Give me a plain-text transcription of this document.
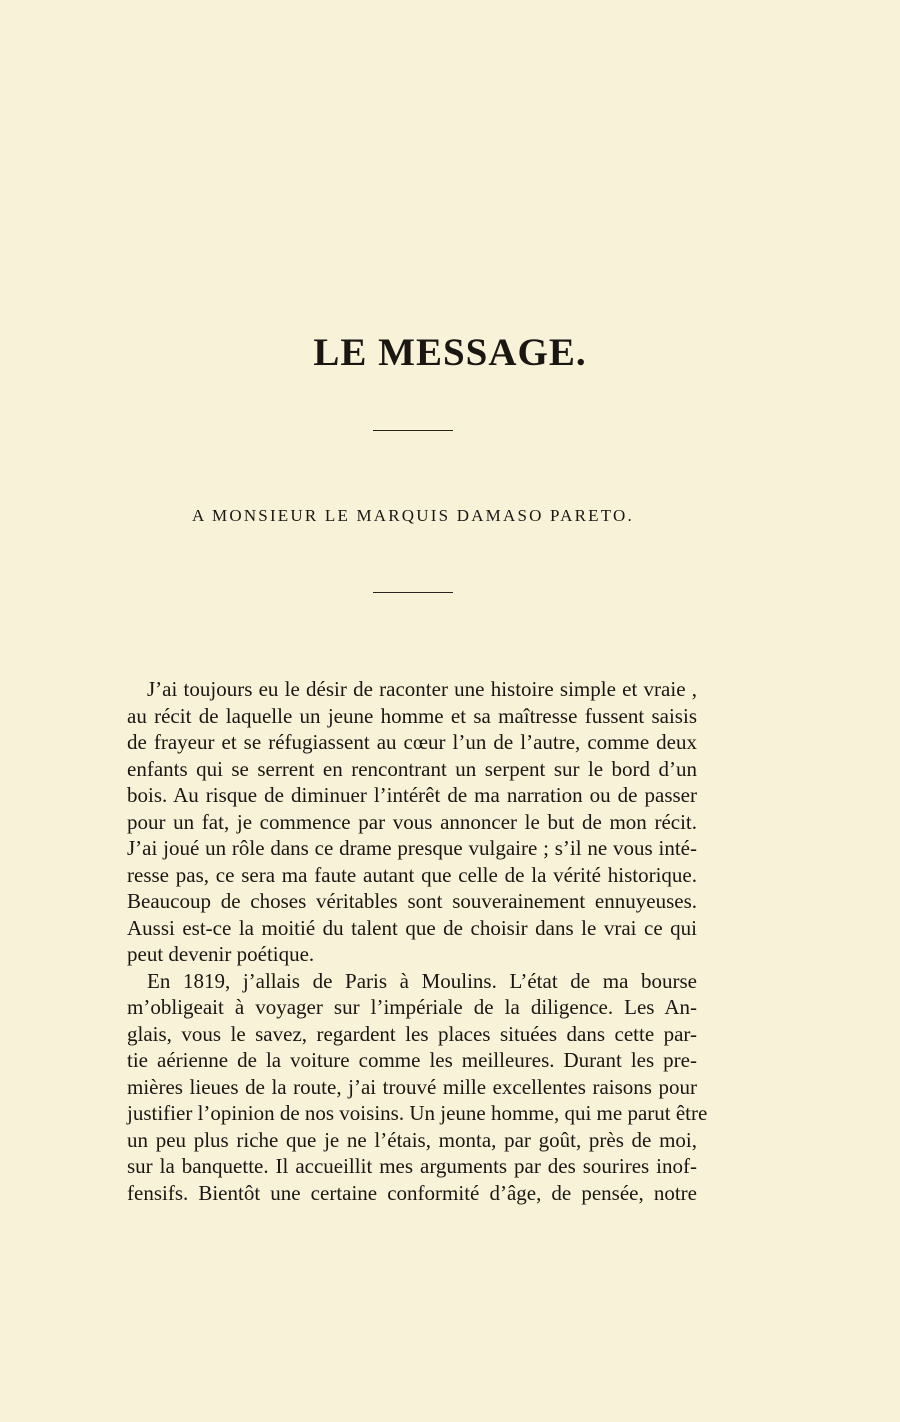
LE MESSAGE.
A MONSIEUR LE MARQUIS DAMASO PARETO.
J’ai toujours eu le désir de raconter une histoire simple et vraie ,
au récit de laquelle un jeune homme et sa maîtresse fussent saisis
de frayeur et se réfugiassent au cœur l’un de l’autre, comme deux
enfants qui se serrent en rencontrant un serpent sur le bord d’un
bois. Au risque de diminuer l’intérêt de ma narration ou de passer
pour un fat, je commence par vous annoncer le but de mon récit.
J’ai joué un rôle dans ce drame presque vulgaire ; s’il ne vous inté-
resse pas, ce sera ma faute autant que celle de la vérité historique.
Beaucoup de choses véritables sont souverainement ennuyeuses.
Aussi est-ce la moitié du talent que de choisir dans le vrai ce qui
peut devenir poétique.
En 1819, j’allais de Paris à Moulins. L’état de ma bourse
m’obligeait à voyager sur l’impériale de la diligence. Les An-
glais, vous le savez, regardent les places situées dans cette par-
tie aérienne de la voiture comme les meilleures. Durant les pre-
mières lieues de la route, j’ai trouvé mille excellentes raisons pour
justifier l’opinion de nos voisins. Un jeune homme, qui me parut être
un peu plus riche que je ne l’étais, monta, par goût, près de moi,
sur la banquette. Il accueillit mes arguments par des sourires inof-
fensifs. Bientôt une certaine conformité d’âge, de pensée, notre
